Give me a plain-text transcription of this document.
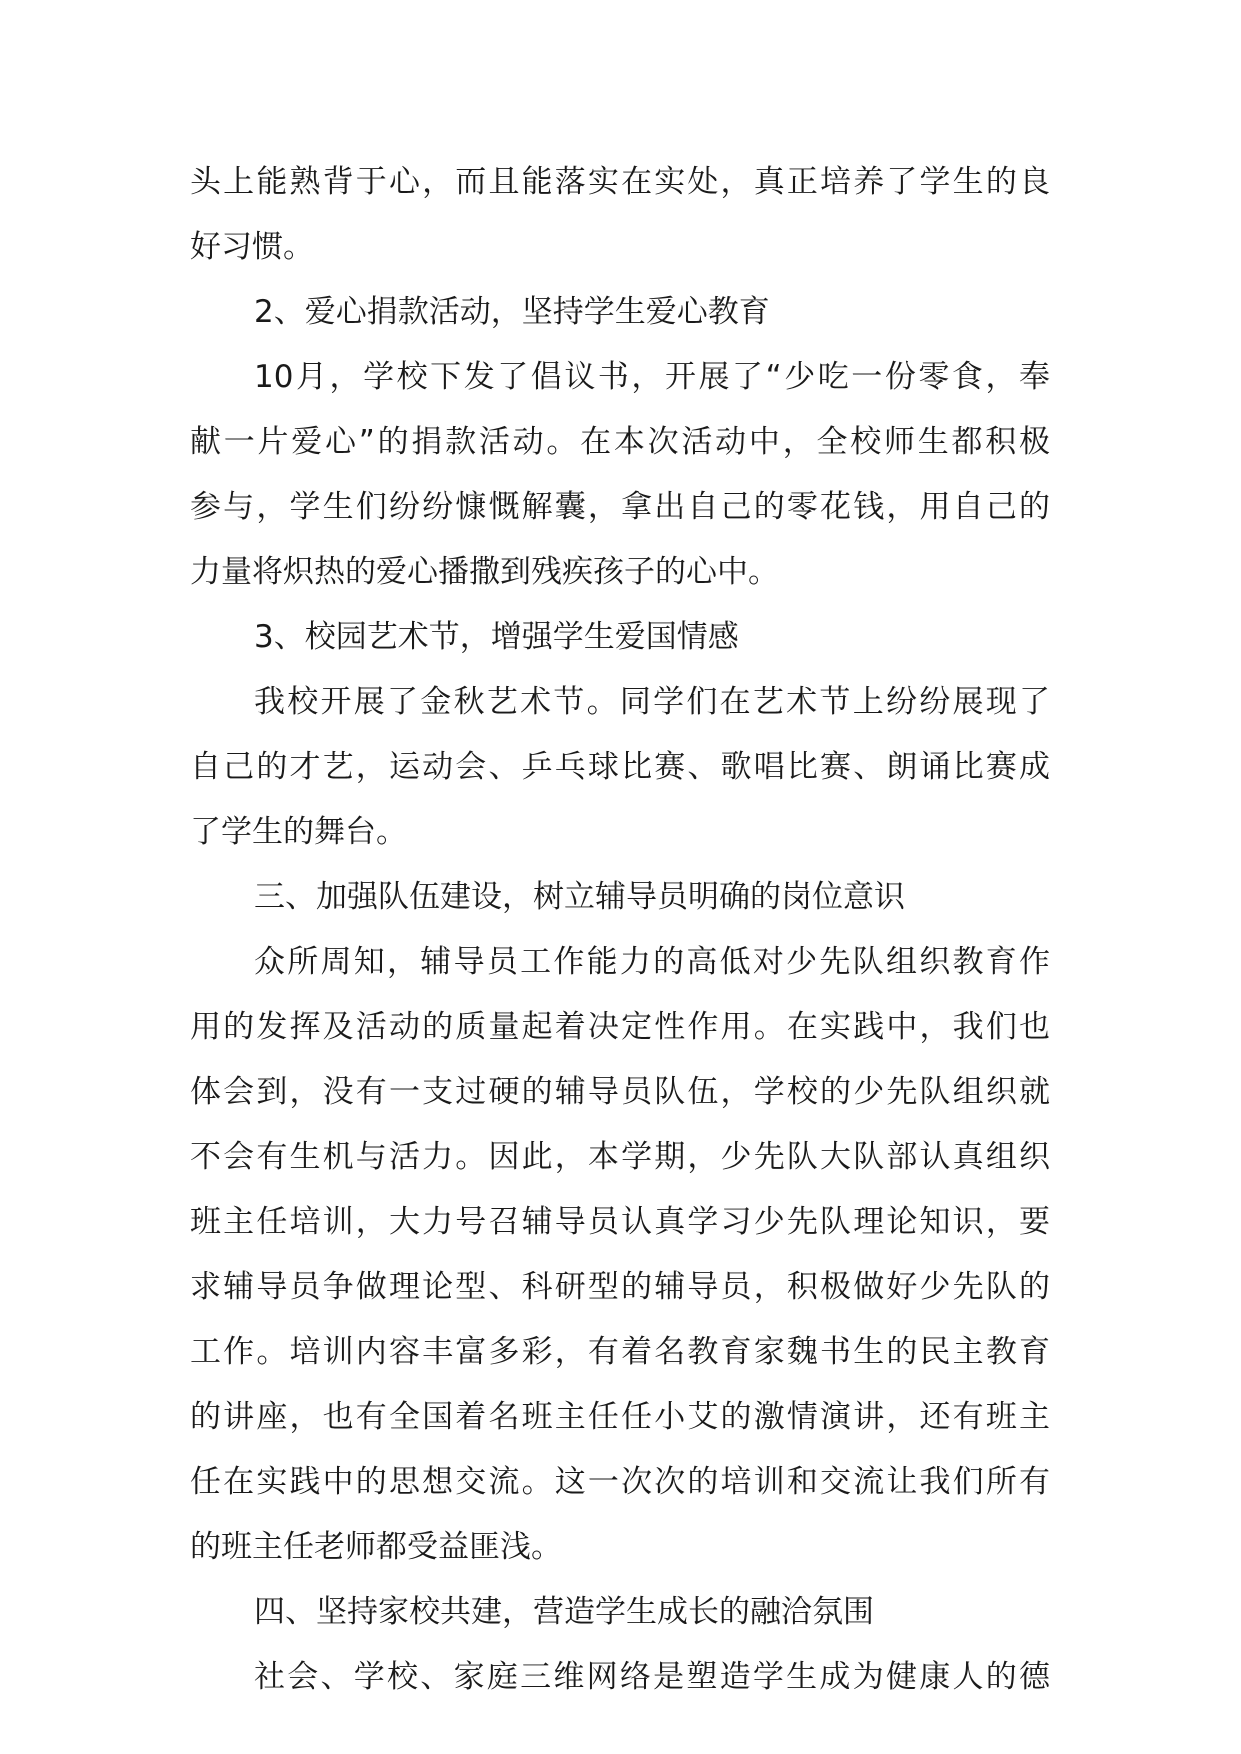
头上能熟背于心，而且能落实在实处，真正培养了学生的良
好习惯。
2、爱心捐款活动，坚持学生爱心教育
10月，学校下发了倡议书，开展了“少吃一份零食，奉
献一片爱心”的捐款活动。在本次活动中，全校师生都积极
参与，学生们纷纷慷慨解囊，拿出自己的零花钱，用自己的
力量将炽热的爱心播撒到残疾孩子的心中。
3、校园艺术节，增强学生爱国情感
我校开展了金秋艺术节。同学们在艺术节上纷纷展现了
自己的才艺，运动会、乒乓球比赛、歌唱比赛、朗诵比赛成
了学生的舞台。
三、加强队伍建设，树立辅导员明确的岗位意识
众所周知，辅导员工作能力的高低对少先队组织教育作
用的发挥及活动的质量起着决定性作用。在实践中，我们也
体会到，没有一支过硬的辅导员队伍，学校的少先队组织就
不会有生机与活力。因此，本学期，少先队大队部认真组织
班主任培训，大力号召辅导员认真学习少先队理论知识，要
求辅导员争做理论型、科研型的辅导员，积极做好少先队的
工作。培训内容丰富多彩，有着名教育家魏书生的民主教育
的讲座，也有全国着名班主任任小艾的激情演讲，还有班主
任在实践中的思想交流。这一次次的培训和交流让我们所有
的班主任老师都受益匪浅。
四、坚持家校共建，营造学生成长的融洽氛围
社会、学校、家庭三维网络是塑造学生成为健康人的德
